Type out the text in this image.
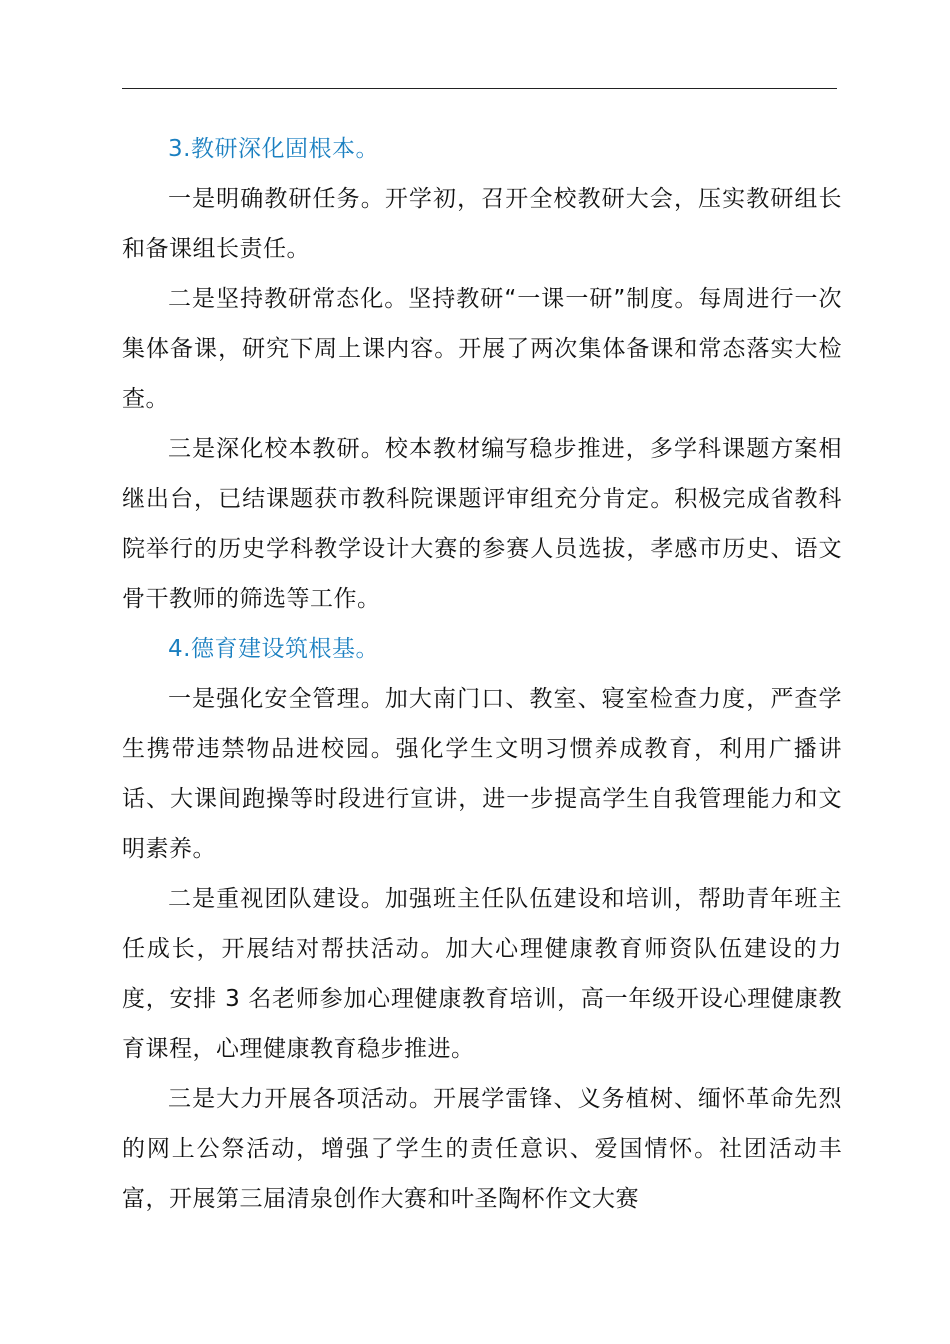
3.教研深化固根本。

一是明确教研任务。开学初，召开全校教研大会，压实教研组长和备课组长责任。

二是坚持教研常态化。坚持教研“一课一研”制度。每周进行一次集体备课，研究下周上课内容。开展了两次集体备课和常态落实大检查。

三是深化校本教研。校本教材编写稳步推进，多学科课题方案相继出台，已结课题获市教科院课题评审组充分肯定。积极完成省教科院举行的历史学科教学设计大赛的参赛人员选拔，孝感市历史、语文骨干教师的筛选等工作。

4.德育建设筑根基。

一是强化安全管理。加大南门口、教室、寝室检查力度，严查学生携带违禁物品进校园。强化学生文明习惯养成教育，利用广播讲话、大课间跑操等时段进行宣讲，进一步提高学生自我管理能力和文明素养。

二是重视团队建设。加强班主任队伍建设和培训，帮助青年班主任成长，开展结对帮扶活动。加大心理健康教育师资队伍建设的力度，安排 3 名老师参加心理健康教育培训，高一年级开设心理健康教育课程，心理健康教育稳步推进。

三是大力开展各项活动。开展学雷锋、义务植树、缅怀革命先烈的网上公祭活动，增强了学生的责任意识、爱国情怀。社团活动丰富，开展第三届清泉创作大赛和叶圣陶杯作文大赛
